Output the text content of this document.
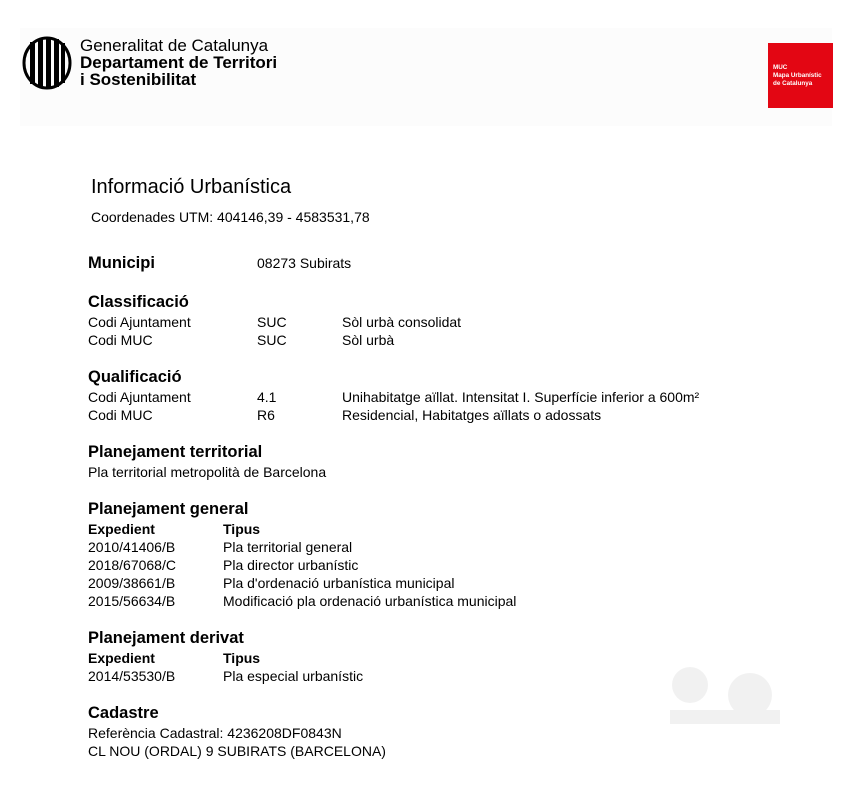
Generalitat de Catalunya
Departament de Territori
i Sostenibilitat
MUC
Mapa Urbanístic
de Catalunya
Informació Urbanística
Coordenades UTM: 404146,39 - 4583531,78
Municipi	08273 Subirats
Classificació
Codi Ajuntament	SUC	Sòl urbà consolidat
Codi MUC	SUC	Sòl urbà
Qualificació
Codi Ajuntament	4.1	Unihabitatge aïllat. Intensitat I. Superfície inferior a 600m²
Codi MUC	R6	Residencial, Habitatges aïllats o adossats
Planejament territorial
Pla territorial metropolità de Barcelona
Planejament general
Expedient	Tipus
2010/41406/B	Pla territorial general
2018/67068/C	Pla director urbanístic
2009/38661/B	Pla d'ordenació urbanística municipal
2015/56634/B	Modificació pla ordenació urbanística municipal
Planejament derivat
Expedient	Tipus
2014/53530/B	Pla especial urbanístic
Cadastre
Referència Cadastral: 4236208DF0843N
CL NOU (ORDAL) 9 SUBIRATS (BARCELONA)
